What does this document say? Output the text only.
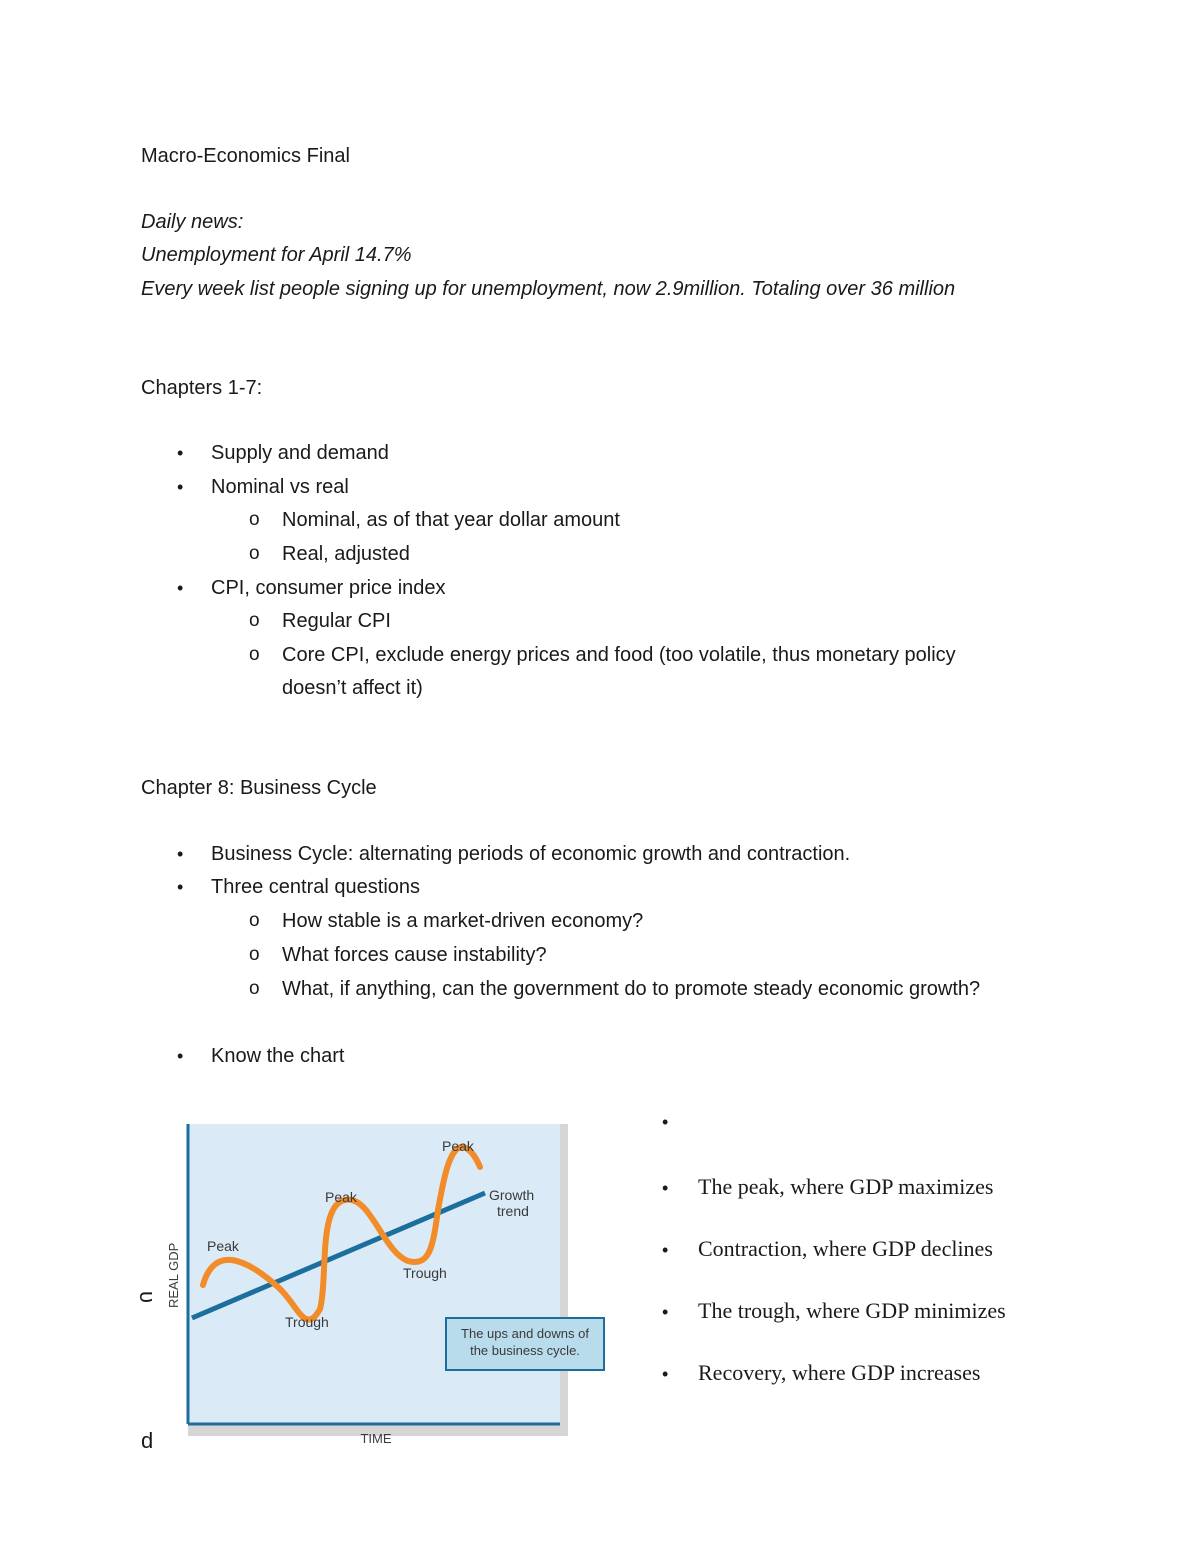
Macro-Economics Final
Daily news:
Unemployment for April 14.7%
Every week list people signing up for unemployment, now 2.9million. Totaling over 36 million
Chapters 1-7:
• Supply and demand
• Nominal vs real
o Nominal, as of that year dollar amount
o Real, adjusted
• CPI, consumer price index
o Regular CPI
o Core CPI, exclude energy prices and food (too volatile, thus monetary policy
doesn’t affect it)
Chapter 8: Business Cycle
• Business Cycle: alternating periods of economic growth and contraction.
• Three central questions
o How stable is a market-driven economy?
o What forces cause instability?
o What, if anything, can the government do to promote steady economic growth?
• Know the chart
υ
d
Peak
Trough
Peak
Trough
Peak
Growth
trend
TIME
REAL GDP
The ups and downs of
the business cycle.
•
• The peak, where GDP maximizes
• Contraction, where GDP declines
• The trough, where GDP minimizes
• Recovery, where GDP increases
